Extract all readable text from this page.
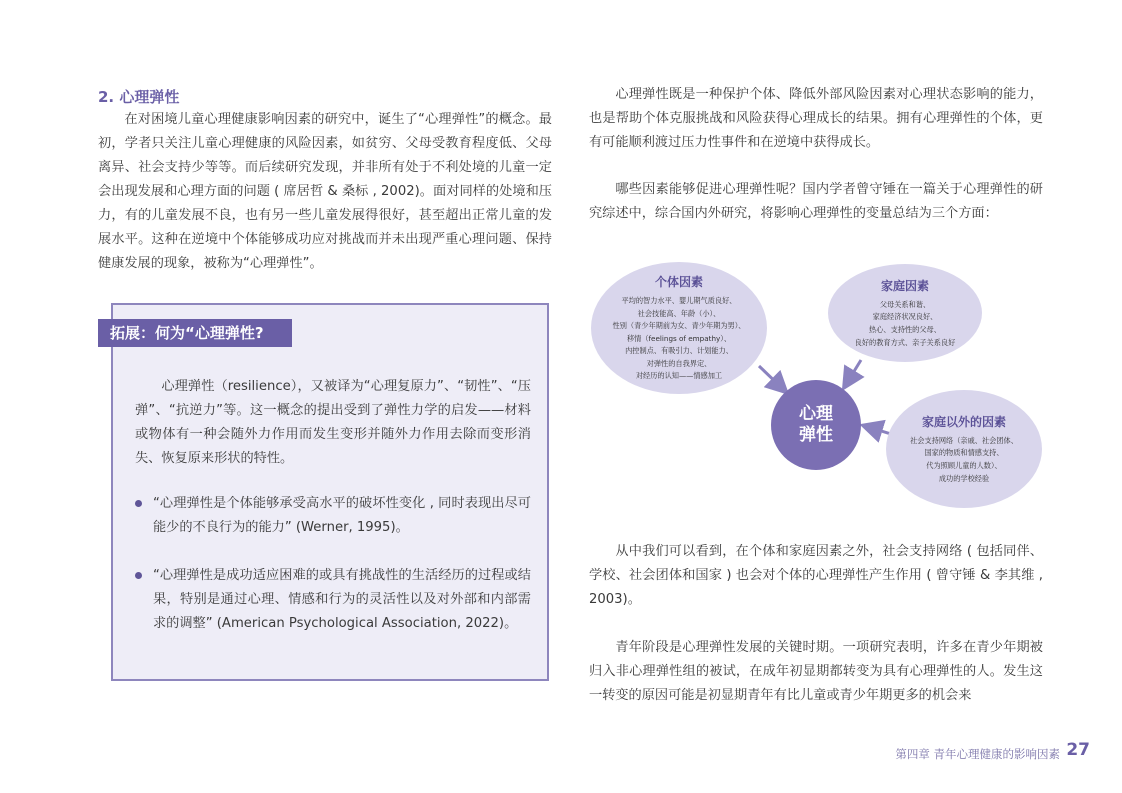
2. 心理弹性

在对困境儿童心理健康影响因素的研究中，诞生了“心理弹性”的概念。最初，学者只关注儿童心理健康的风险因素，如贫穷、父母受教育程度低、父母离异、社会支持少等等。而后续研究发现，并非所有处于不利处境的儿童一定会出现发展和心理方面的问题 ( 席居哲 & 桑标 , 2002)。面对同样的处境和压力，有的儿童发展不良，也有另一些儿童发展得很好，甚至超出正常儿童的发展水平。这种在逆境中个体能够成功应对挑战而并未出现严重心理问题、保持健康发展的现象，被称为“心理弹性”。

拓展：何为“心理弹性?

心理弹性（resilience），又被译为“心理复原力”、“韧性”、“压弹”、“抗逆力”等。这一概念的提出受到了弹性力学的启发——材料或物体有一种会随外力作用而发生变形并随外力作用去除而变形消失、恢复原来形状的特性。

“心理弹性是个体能够承受高水平的破坏性变化 , 同时表现出尽可能少的不良行为的能力” (Werner, 1995)。

“心理弹性是成功适应困难的或具有挑战性的生活经历的过程或结果，特别是通过心理、情感和行为的灵活性以及对外部和内部需求的调整” (American Psychological Association, 2022)。

心理弹性既是一种保护个体、降低外部风险因素对心理状态影响的能力，也是帮助个体克服挑战和风险获得心理成长的结果。拥有心理弹性的个体，更有可能顺利渡过压力性事件和在逆境中获得成长。

哪些因素能够促进心理弹性呢？国内学者曾守锤在一篇关于心理弹性的研究综述中，综合国内外研究，将影响心理弹性的变量总结为三个方面：

个体因素
平均的智力水平、婴儿期气质良好、
社会技能高、年龄（小）、
性别（青少年期前为女、青少年期为男）、
移情（feelings of empathy）、
内控制点、有吸引力、计划能力、
对弹性的自我界定、
对经历的认知——情感加工
家庭因素
父母关系和谐、
家庭经济状况良好、
热心、支持性的父母、
良好的教育方式、亲子关系良好
家庭以外的因素
社会支持网络（亲戚、社会团体、
国家的物质和情感支持、
代为照顾儿童的人数）、
成功的学校经验
心理
弹性

从中我们可以看到，在个体和家庭因素之外，社会支持网络 ( 包括同伴、学校、社会团体和国家 ) 也会对个体的心理弹性产生作用 ( 曾守锤 & 李其维 , 2003)。

青年阶段是心理弹性发展的关键时期。一项研究表明，许多在青少年期被归入非心理弹性组的被试，在成年初显期都转变为具有心理弹性的人。发生这一转变的原因可能是初显期青年有比儿童或青少年期更多的机会来

第四章 青年心理健康的影响因素 27
